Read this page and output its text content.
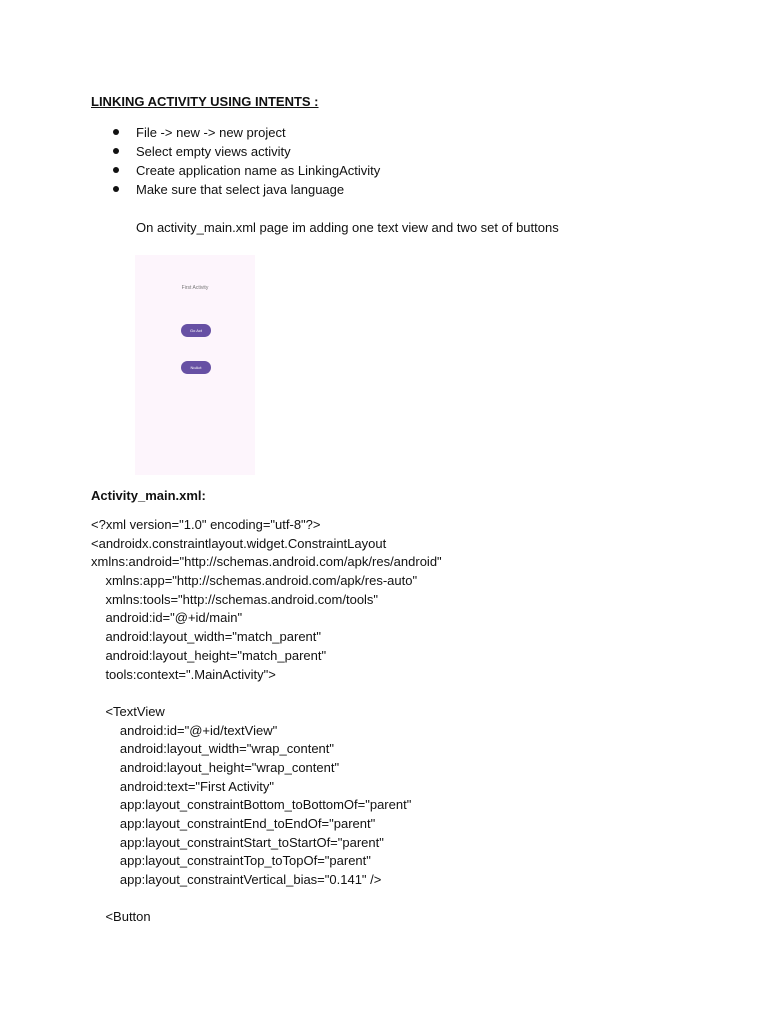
LINKING ACTIVITY USING INTENTS :
File -> new -> new project
Select empty views activity
Create application name as LinkingActivity
Make sure that select java language
On activity_main.xml page im adding one text view and two set of buttons
First Activity
Go Act
NoAct
Activity_main.xml:
<?xml version="1.0" encoding="utf-8"?>
<androidx.constraintlayout.widget.ConstraintLayout
xmlns:android="http://schemas.android.com/apk/res/android"
xmlns:app="http://schemas.android.com/apk/res-auto"
xmlns:tools="http://schemas.android.com/tools"
android:id="@+id/main"
android:layout_width="match_parent"
android:layout_height="match_parent"
tools:context=".MainActivity">
<TextView
android:id="@+id/textView"
android:layout_width="wrap_content"
android:layout_height="wrap_content"
android:text="First Activity"
app:layout_constraintBottom_toBottomOf="parent"
app:layout_constraintEnd_toEndOf="parent"
app:layout_constraintStart_toStartOf="parent"
app:layout_constraintTop_toTopOf="parent"
app:layout_constraintVertical_bias="0.141" />
<Button
